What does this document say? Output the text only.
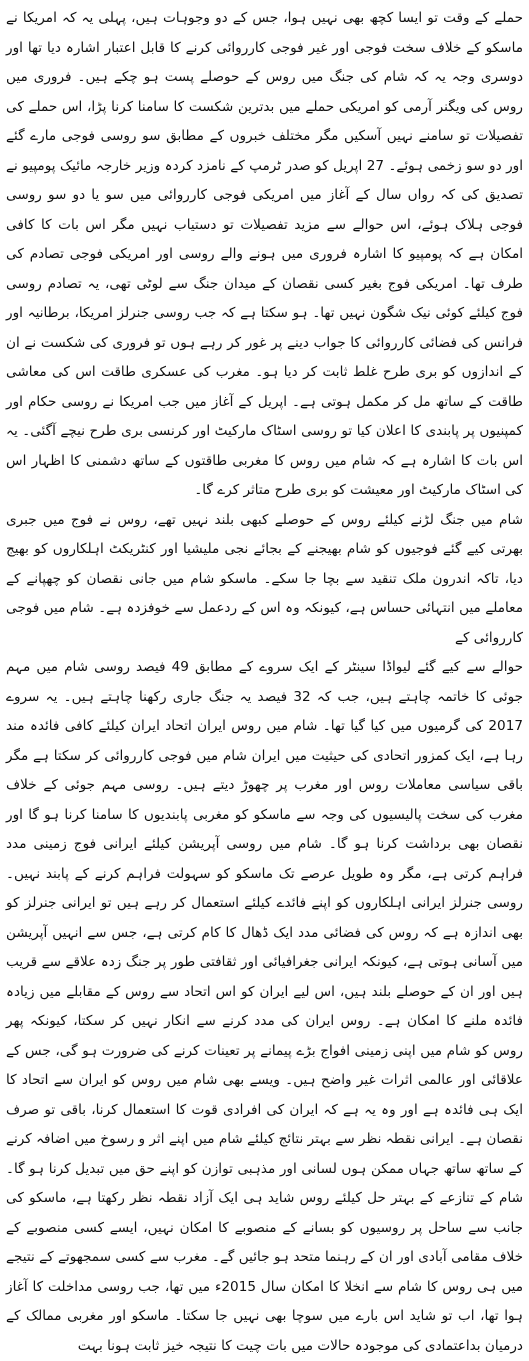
حملے کے وقت تو ایسا کچھ بھی نہیں ہوا، جس کے دو وجوہات ہیں، پہلی یہ کہ امریکا نے ماسکو کے خلاف سخت فوجی اور غیر فوجی کارروائی کرنے کا قابل اعتبار اشارہ دیا تھا اور دوسری وجہ یہ کہ شام کی جنگ میں روس کے حوصلے پست ہو چکے ہیں۔ فروری میں روس کی ویگنر آرمی کو امریکی حملے میں بدترین شکست کا سامنا کرنا پڑا، اس حملے کی تفصیلات تو سامنے نہیں آسکیں مگر مختلف خبروں کے مطابق سو روسی فوجی مارے گئے اور دو سو زخمی ہوئے۔ 27 اپریل کو صدر ٹرمپ کے نامزد کردہ وزیر خارجہ مائیک پومپیو نے تصدیق کی کہ رواں سال کے آغاز میں امریکی فوجی کارروائی میں سو یا دو سو روسی فوجی ہلاک ہوئے، اس حوالے سے مزید تفصیلات تو دستیاب نہیں مگر اس بات کا کافی امکان ہے کہ پومپیو کا اشارہ فروری میں ہونے والے روسی اور امریکی فوجی تصادم کی طرف تھا۔ امریکی فوج بغیر کسی نقصان کے میدان جنگ سے لوٹی تھی، یہ تصادم روسی فوج کیلئے کوئی نیک شگون نہیں تھا۔ ہو سکتا ہے کہ جب روسی جنرلز امریکا، برطانیہ اور فرانس کی فضائی کارروائی کا جواب دینے پر غور کر رہے ہوں تو فروری کی شکست نے ان کے اندازوں کو بری طرح غلط ثابت کر دیا ہو۔ مغرب کی عسکری طاقت اس کی معاشی طاقت کے ساتھ مل کر مکمل ہوتی ہے۔ اپریل کے آغاز میں جب امریکا نے روسی حکام اور کمپنیوں پر پابندی کا اعلان کیا تو روسی اسٹاک مارکیٹ اور کرنسی بری طرح نیچے آگئی۔ یہ اس بات کا اشارہ ہے کہ شام میں روس کا مغربی طاقتوں کے ساتھ دشمنی کا اظہار اس کی اسٹاک مارکیٹ اور معیشت کو بری طرح متاثر کرے گا۔

شام میں جنگ لڑنے کیلئے روس کے حوصلے کبھی بلند نہیں تھے، روس نے فوج میں جبری بھرتی کیے گئے فوجیوں کو شام بھیجنے کے بجائے نجی ملیشیا اور کنٹریکٹ اہلکاروں کو بھیج دیا، تاکہ اندرون ملک تنقید سے بچا جا سکے۔ ماسکو شام میں جانی نقصان کو چھپانے کے معاملے میں انتہائی حساس ہے، کیونکہ وہ اس کے ردعمل سے خوفزدہ ہے۔ شام میں فوجی کارروائی کے

حوالے سے کیے گئے لیواڈا سینٹر کے ایک سروے کے مطابق 49 فیصد روسی شام میں مہم جوئی کا خاتمہ چاہتے ہیں، جب کہ 32 فیصد یہ جنگ جاری رکھنا چاہتے ہیں۔ یہ سروے 2017 کی گرمیوں میں کیا گیا تھا۔ شام میں روس ایران اتحاد ایران کیلئے کافی فائدہ مند رہا ہے، ایک کمزور اتحادی کی حیثیت میں ایران شام میں فوجی کارروائی کر سکتا ہے مگر باقی سیاسی معاملات روس اور مغرب پر چھوڑ دیتے ہیں۔ روسی مہم جوئی کے خلاف مغرب کی سخت پالیسیوں کی وجہ سے ماسکو کو مغربی پابندیوں کا سامنا کرنا ہو گا اور نقصان بھی برداشت کرنا ہو گا۔ شام میں روسی آپریشن کیلئے ایرانی فوج زمینی مدد فراہم کرتی ہے، مگر وہ طویل عرصے تک ماسکو کو سہولت فراہم کرنے کے پابند نہیں۔ روسی جنرلز ایرانی اہلکاروں کو اپنے فائدے کیلئے استعمال کر رہے ہیں تو ایرانی جنرلز کو بھی اندازہ ہے کہ روس کی فضائی مدد ایک ڈھال کا کام کرتی ہے، جس سے انہیں آپریشن میں آسانی ہوتی ہے، کیونکہ ایرانی جغرافیائی اور ثقافتی طور پر جنگ زدہ علاقے سے قریب ہیں اور ان کے حوصلے بلند ہیں، اس لیے ایران کو اس اتحاد سے روس کے مقابلے میں زیادہ فائدہ ملنے کا امکان ہے۔ روس ایران کی مدد کرنے سے انکار نہیں کر سکتا، کیونکہ پھر روس کو شام میں اپنی زمینی افواج بڑے پیمانے پر تعینات کرنے کی ضرورت ہو گی، جس کے علاقائی اور عالمی اثرات غیر واضح ہیں۔ ویسے بھی شام میں روس کو ایران سے اتحاد کا ایک ہی فائدہ ہے اور وہ یہ ہے کہ ایران کی افرادی قوت کا استعمال کرنا، باقی تو صرف نقصان ہے۔ ایرانی نقطہ نظر سے بہتر نتائج کیلئے شام میں اپنے اثر و رسوخ میں اضافہ کرنے کے ساتھ ساتھ جہاں ممکن ہوں لسانی اور مذہبی توازن کو اپنے حق میں تبدیل کرنا ہو گا۔ شام کے تنازعے کے بہتر حل کیلئے روس شاید ہی ایک آزاد نقطہ نظر رکھتا ہے، ماسکو کی جانب سے ساحل پر روسیوں کو بسانے کے منصوبے کا امکان نہیں، ایسے کسی منصوبے کے خلاف مقامی آبادی اور ان کے رہنما متحد ہو جائیں گے۔ مغرب سے کسی سمجھوتے کے نتیجے میں ہی روس کا شام سے انخلا کا امکان سال 2015ء میں تھا، جب روسی مداخلت کا آغاز ہوا تھا، اب تو شاید اس بارے میں سوچا بھی نہیں جا سکتا۔ ماسکو اور مغربی ممالک کے درمیان بداعتمادی کی موجودہ حالات میں بات چیت کا نتیجہ خیز ثابت ہونا بہت
